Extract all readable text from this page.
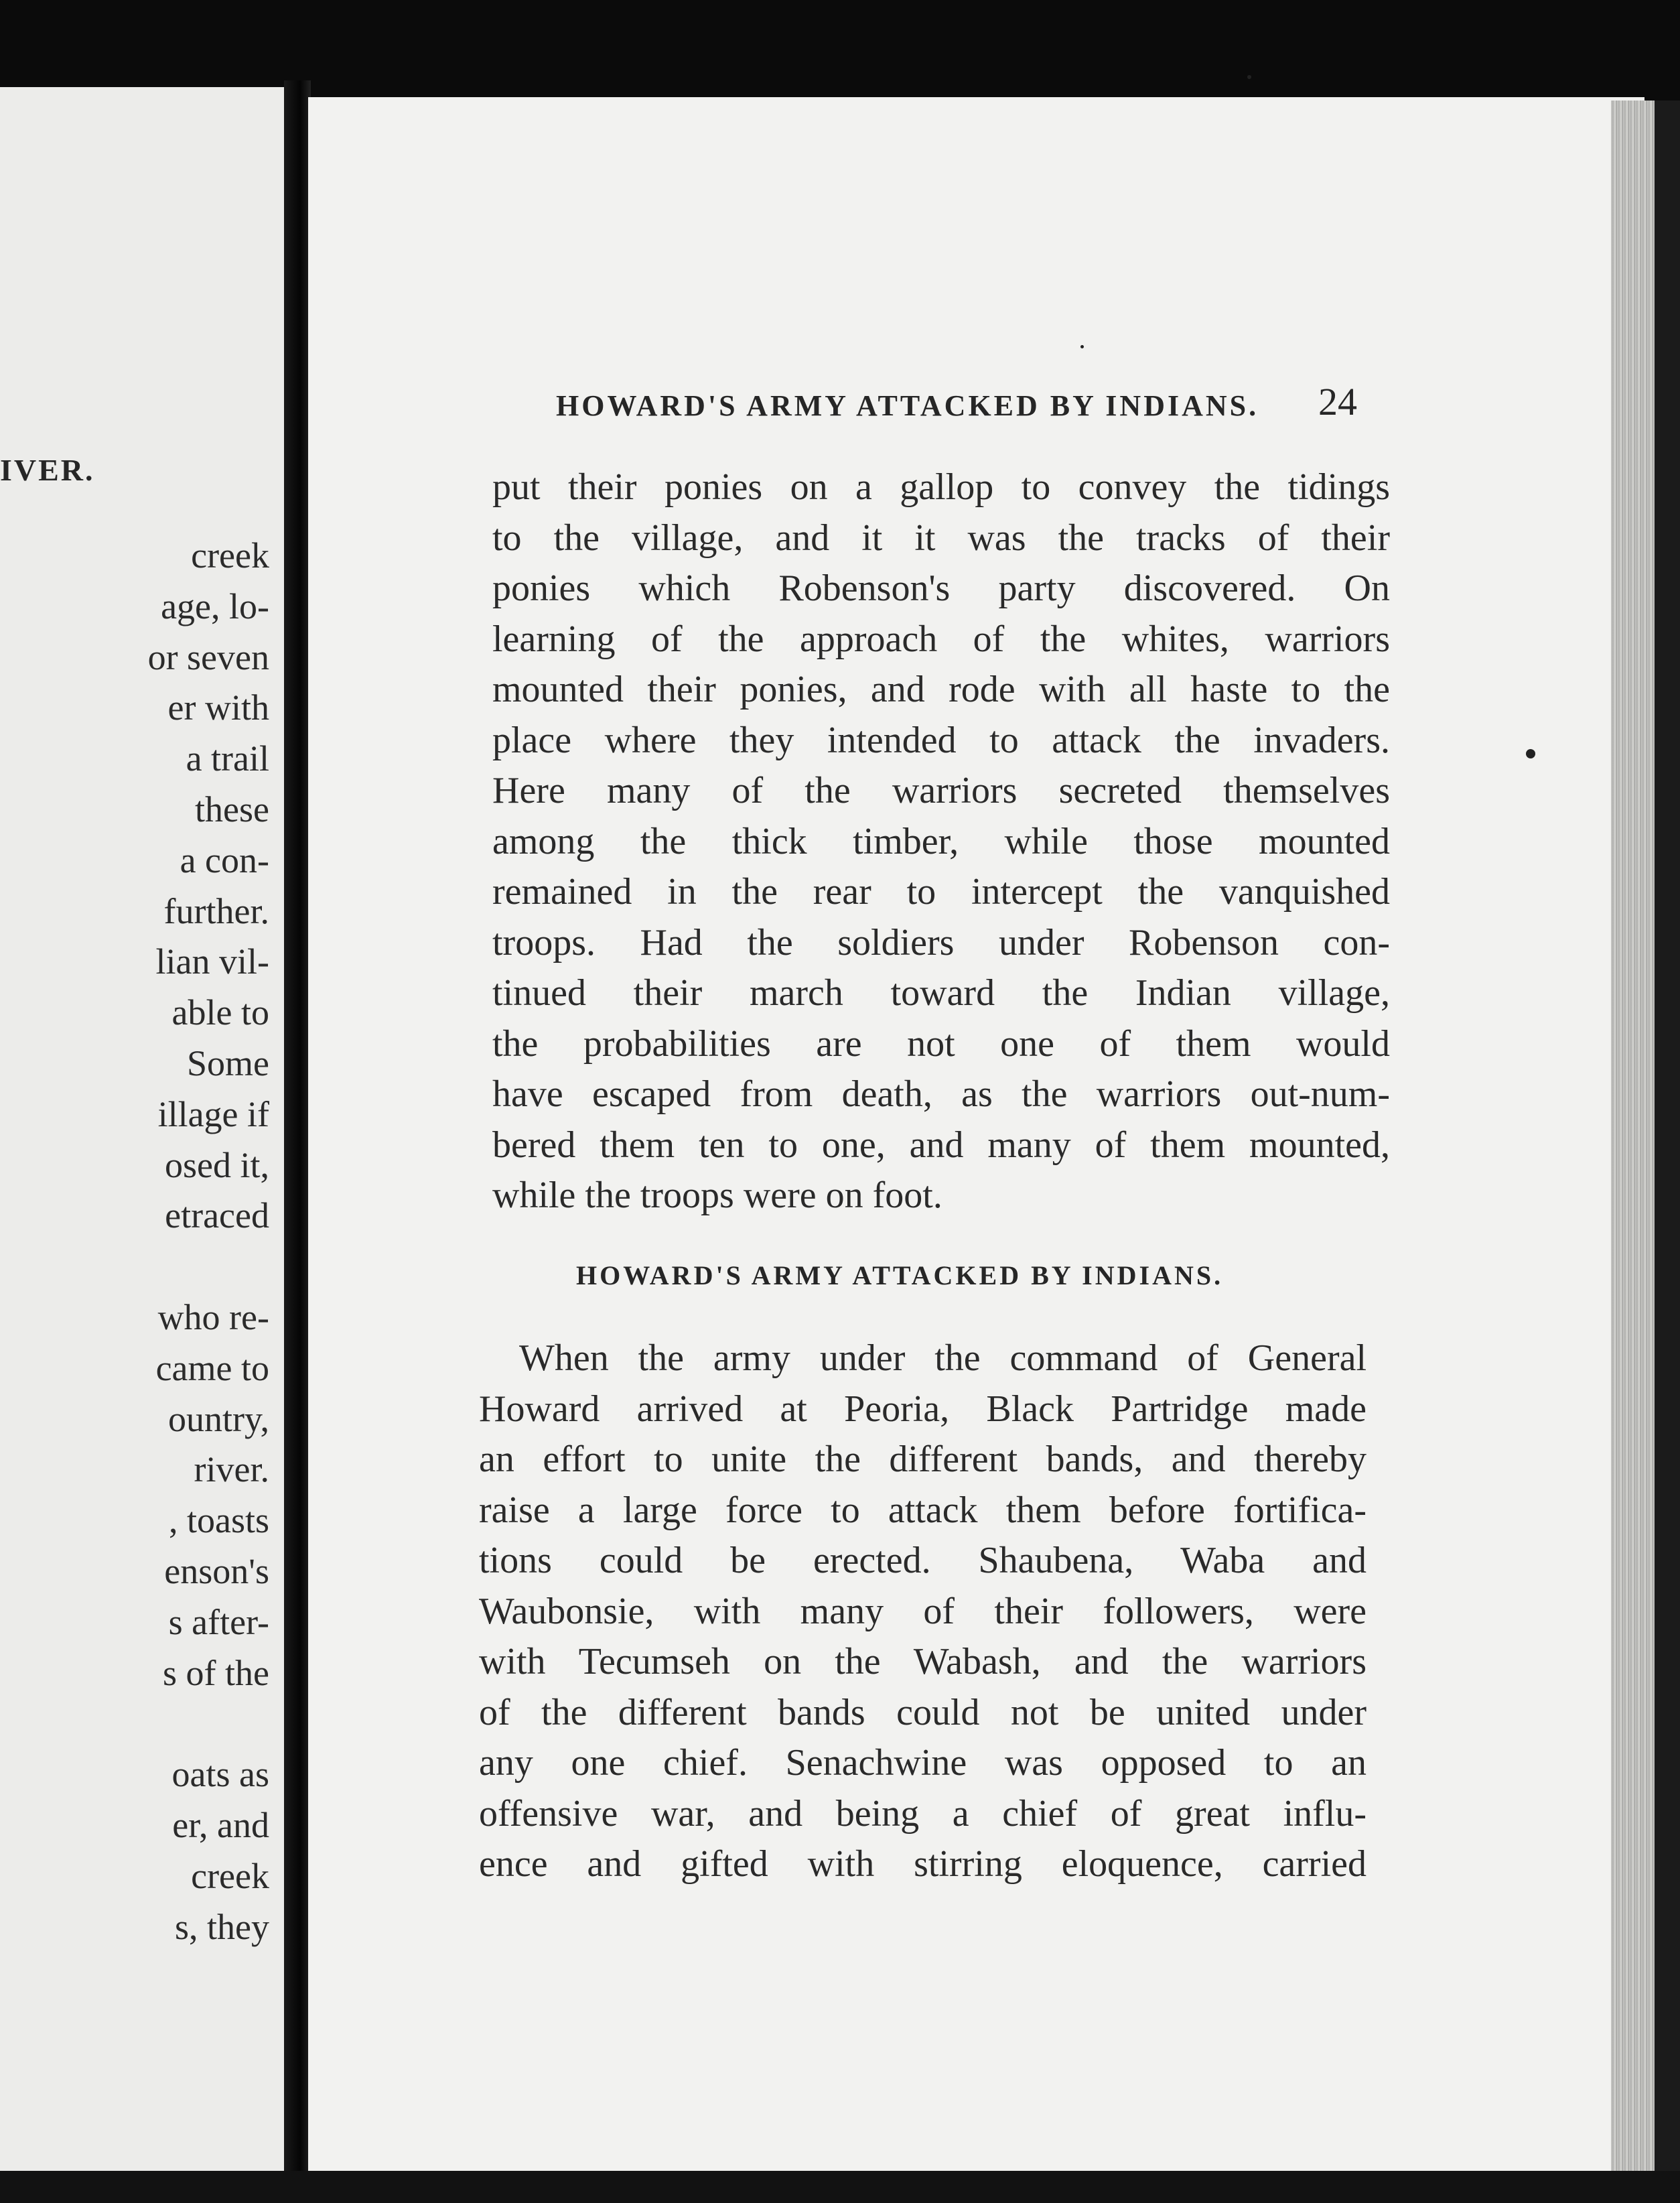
IVER.
creek
age, lo-
or seven
er with
a trail
these
a con-
further.
lian vil-
able to
Some
illage if
osed it,
etraced
who re-
came to
ountry,
river.
, toasts
enson's
s after-
s of the
oats as
er, and
creek
s, they
HOWARD'S ARMY ATTACKED BY INDIANS.	24
put their ponies on a gallop to convey the tidings
to the village, and it it was the tracks of their
ponies which Robenson's party discovered. On
learning of the approach of the whites, warriors
mounted their ponies, and rode with all haste to the
place where they intended to attack the invaders.
Here many of the warriors secreted themselves
among the thick timber, while those mounted
remained in the rear to intercept the vanquished
troops. Had the soldiers under Robenson con-
tinued their march toward the Indian village,
the probabilities are not one of them would
have escaped from death, as the warriors out-num-
bered them ten to one, and many of them mounted,
while the troops were on foot.
HOWARD'S ARMY ATTACKED BY INDIANS.
When the army under the command of General
Howard arrived at Peoria, Black Partridge made
an effort to unite the different bands, and thereby
raise a large force to attack them before fortifica-
tions could be erected. Shaubena, Waba and
Waubonsie, with many of their followers, were
with Tecumseh on the Wabash, and the warriors
of the different bands could not be united under
any one chief. Senachwine was opposed to an
offensive war, and being a chief of great influ-
ence and gifted with stirring eloquence, carried
